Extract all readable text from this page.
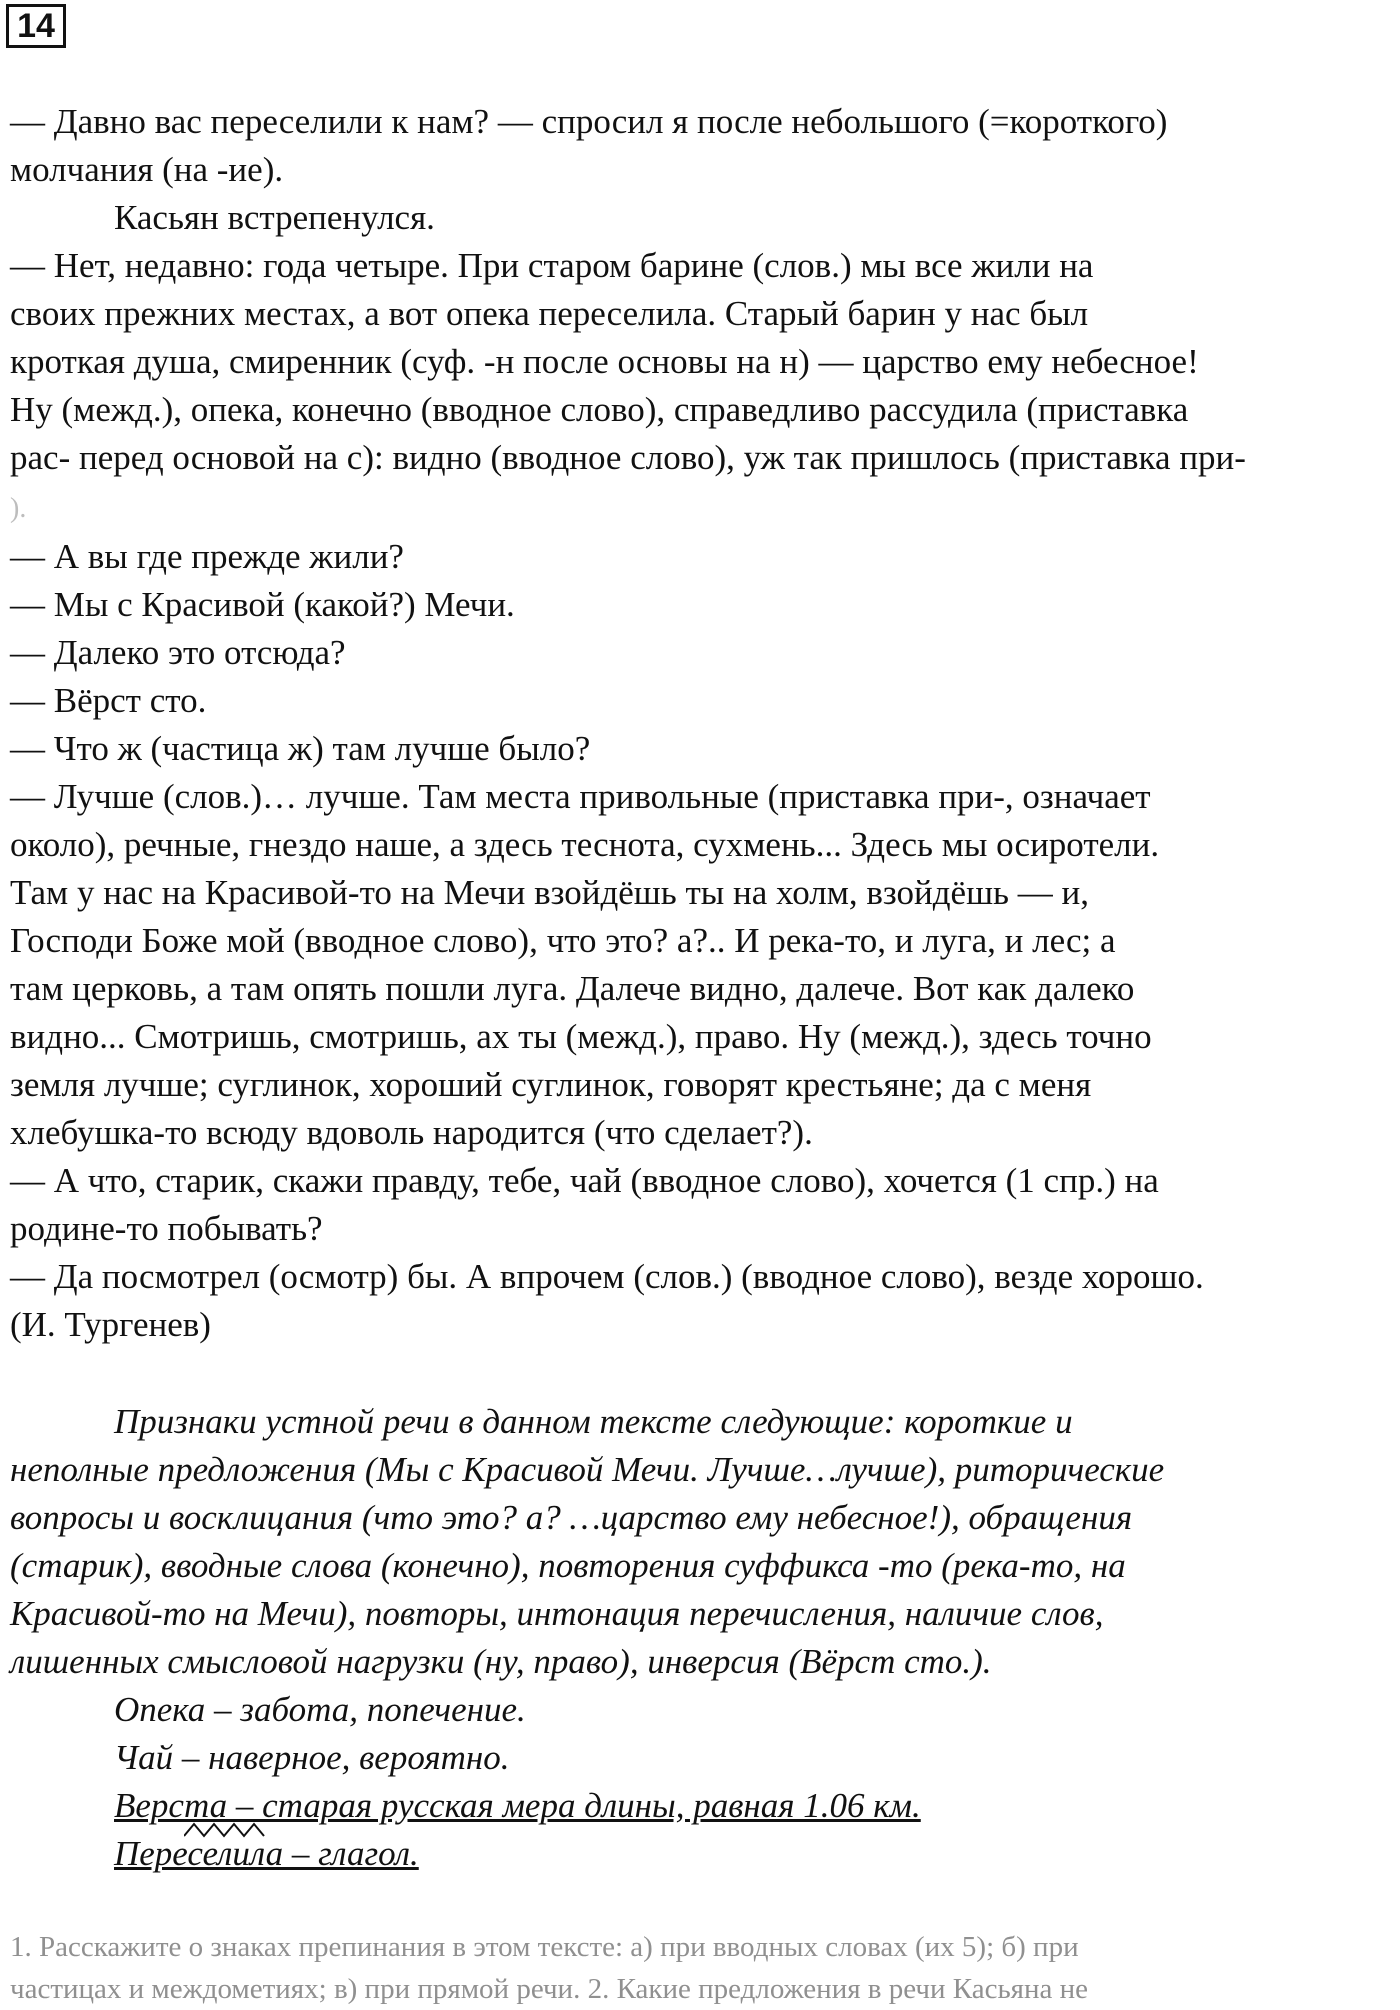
14

— Давно вас переселили к нам? — спросил я после небольшого (=короткого)

молчания (на -ие).

Касьян встрепенулся.

— Нет, недавно: года четыре. При старом барине (слов.) мы все жили на

своих прежних местах, а вот опека переселила. Старый барин у нас был

кроткая душа, смиренник (суф. -н после основы на н) — царство ему небесное!

Ну (межд.), опека, конечно (вводное слово), справедливо рассудила (приставка

рас- перед основой на с): видно (вводное слово), уж так пришлось (приставка при-

).

— А вы где прежде жили?

— Мы с Красивой (какой?) Мечи.

— Далеко это отсюда?

— Вёрст сто.

— Что ж (частица ж) там лучше было?

— Лучше (слов.)… лучше. Там места привольные (приставка при-, означает

около), речные, гнездо наше, а здесь теснота, сухмень... Здесь мы осиротели.

Там у нас на Красивой-то на Мечи взойдёшь ты на холм, взойдёшь — и,

Господи Боже мой (вводное слово), что это? а?.. И река-то, и луга, и лес; а

там церковь, а там опять пошли луга. Далече видно, далече. Вот как далеко

видно... Смотришь, смотришь, ах ты (межд.), право. Ну (межд.), здесь точно

земля лучше; суглинок, хороший суглинок, говорят крестьяне; да с меня

хлебушка-то всюду вдоволь народится (что сделает?).

— А что, старик, скажи правду, тебе, чай (вводное слово), хочется (1 спр.) на

родине-то побывать?

— Да посмотрел (осмотр) бы. А впрочем (слов.) (вводное слово), везде хорошо.

(И. Тургенев)

Признаки устной речи в данном тексте следующие: короткие и

неполные предложения (Мы с Красивой Мечи. Лучше…лучше), риторические

вопросы и восклицания (что это? а? …царство ему небесное!), обращения

(старик), вводные слова (конечно), повторения суффикса -то (река-то, на

Красивой-то на Мечи), повторы, интонация перечисления, наличие слов,

лишенных смысловой нагрузки (ну, право), инверсия (Вёрст сто.).

Опека – забота, попечение.

Чай – наверное, вероятно.

Верста – старая русская мера длины, равная 1.06 км.

Переселила – глагол.

1. Расскажите о знаках препинания в этом тексте: а) при вводных словах (их 5); б) при

частицах и междометиях; в) при прямой речи. 2. Какие предложения в речи Касьяна не
